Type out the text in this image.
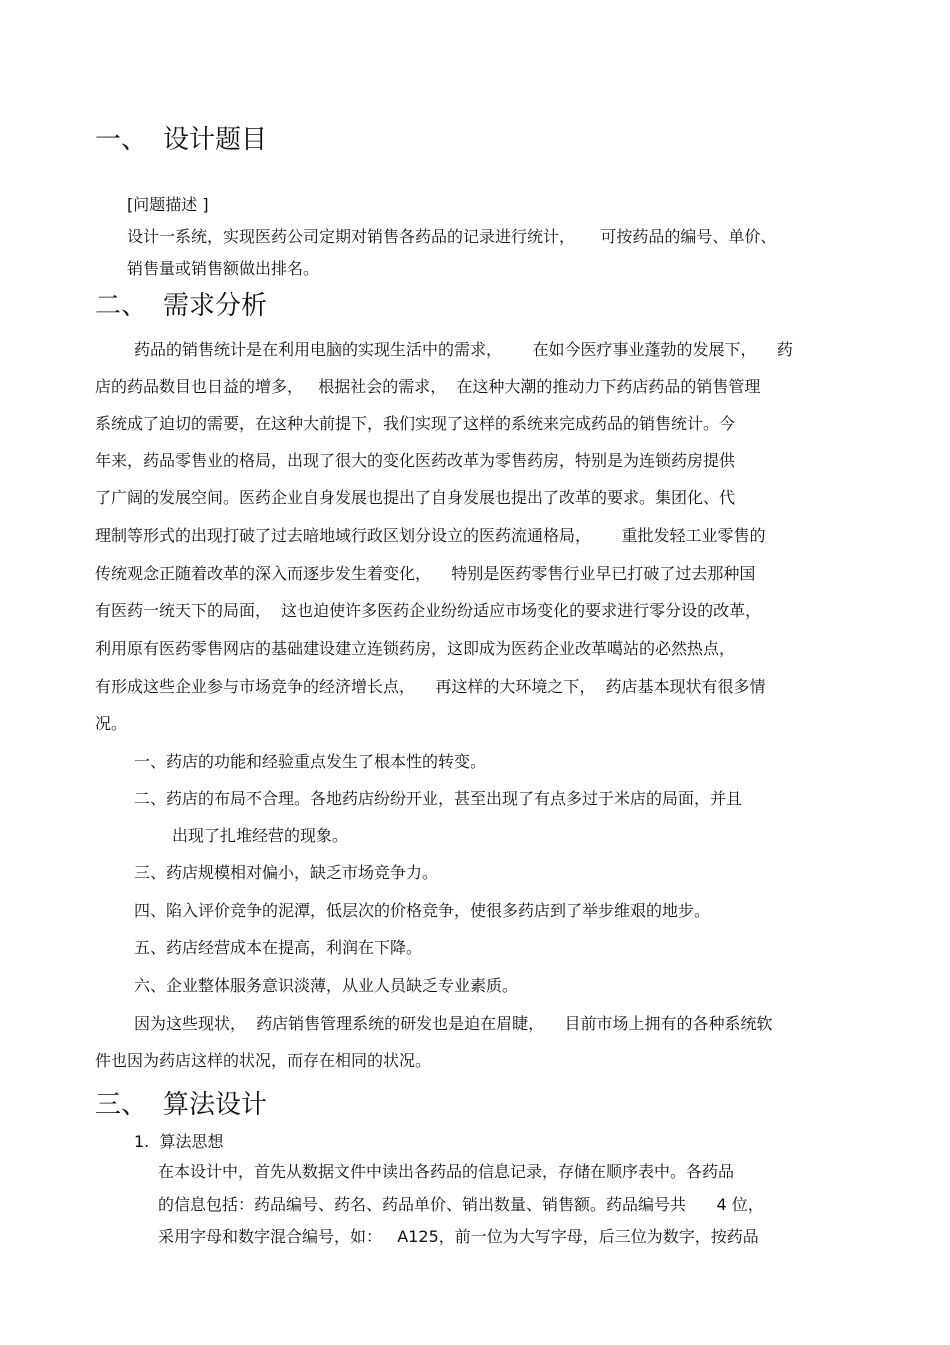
一、 设计题目
[问题描述 ]
设计一系统，实现医药公司定期对销售各药品的记录进行统计，     可按药品的编号、单价、
销售量或销售额做出排名。
二、 需求分析
药品的销售统计是在利用电脑的实现生活中的需求，      在如今医疗事业蓬勃的发展下，    药
店的药品数目也日益的增多，   根据社会的需求，  在这种大潮的推动力下药店药品的销售管理
系统成了迫切的需要，在这种大前提下，我们实现了这样的系统来完成药品的销售统计。今
年来，药品零售业的格局，出现了很大的变化医药改革为零售药房，特别是为连锁药房提供
了广阔的发展空间。医药企业自身发展也提出了自身发展也提出了改革的要求。集团化、代
理制等形式的出现打破了过去暗地域行政区划分设立的医药流通格局，      重批发轻工业零售的
传统观念正随着改革的深入而逐步发生着变化，    特别是医药零售行业早已打破了过去那种国
有医药一统天下的局面，  这也迫使许多医药企业纷纷适应市场变化的要求进行零分设的改革，
利用原有医药零售网店的基础建设建立连锁药房，这即成为医药企业改革噶站的必然热点，
有形成这些企业参与市场竞争的经济增长点，    再这样的大环境之下，  药店基本现状有很多情
况。
一、药店的功能和经验重点发生了根本性的转变。
二、药店的布局不合理。各地药店纷纷开业，甚至出现了有点多过于米店的局面，并且
出现了扎堆经营的现象。
三、药店规模相对偏小，缺乏市场竞争力。
四、陷入评价竞争的泥潭，低层次的价格竞争，使很多药店到了举步维艰的地步。
五、药店经营成本在提高，利润在下降。
六、企业整体服务意识淡薄，从业人员缺乏专业素质。
因为这些现状，  药店销售管理系统的研发也是迫在眉睫，    目前市场上拥有的各种系统软
件也因为药店这样的状况，而存在相同的状况。
三、 算法设计
1.  算法思想
在本设计中，首先从数据文件中读出各药品的信息记录，存储在顺序表中。各药品
的信息包括：药品编号、药名、药品单价、销出数量、销售额。药品编号共      4 位，
采用字母和数字混合编号，如：   A125，前一位为大写字母，后三位为数字，按药品
